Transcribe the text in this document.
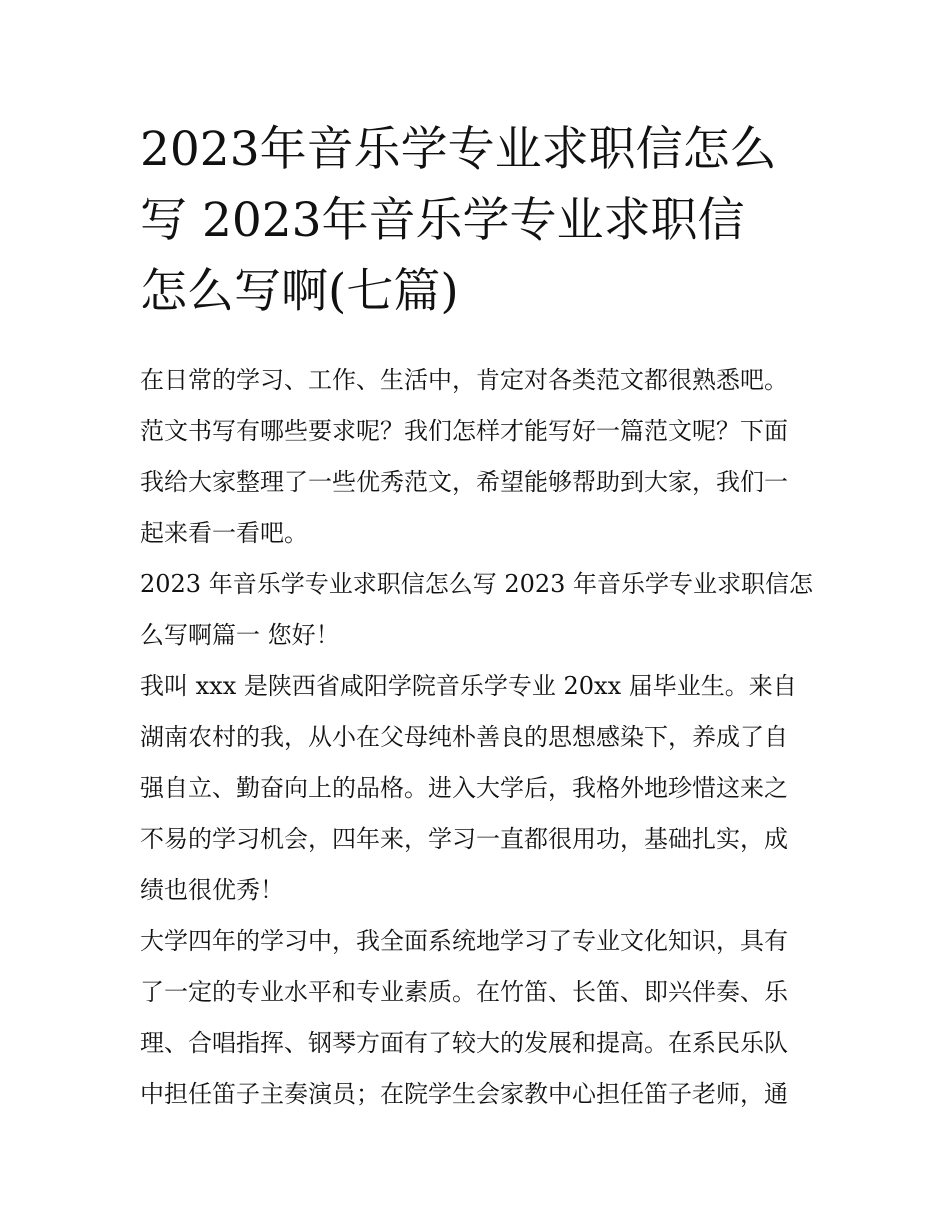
2023年音乐学专业求职信怎么
写 2023年音乐学专业求职信
怎么写啊(七篇)
在日常的学习、工作、生活中，肯定对各类范文都很熟悉吧。
范文书写有哪些要求呢？我们怎样才能写好一篇范文呢？下面
我给大家整理了一些优秀范文，希望能够帮助到大家，我们一
起来看一看吧。
2023 年音乐学专业求职信怎么写 2023 年音乐学专业求职信怎
么写啊篇一 您好！
我叫 xxx 是陕西省咸阳学院音乐学专业 20xx 届毕业生。来自
湖南农村的我，从小在父母纯朴善良的思想感染下，养成了自
强自立、勤奋向上的品格。进入大学后，我格外地珍惜这来之
不易的学习机会，四年来，学习一直都很用功，基础扎实，成
绩也很优秀！
大学四年的学习中，我全面系统地学习了专业文化知识，具有
了一定的专业水平和专业素质。在竹笛、长笛、即兴伴奏、乐
理、合唱指挥、钢琴方面有了较大的发展和提高。在系民乐队
中担任笛子主奏演员；在院学生会家教中心担任笛子老师，通
